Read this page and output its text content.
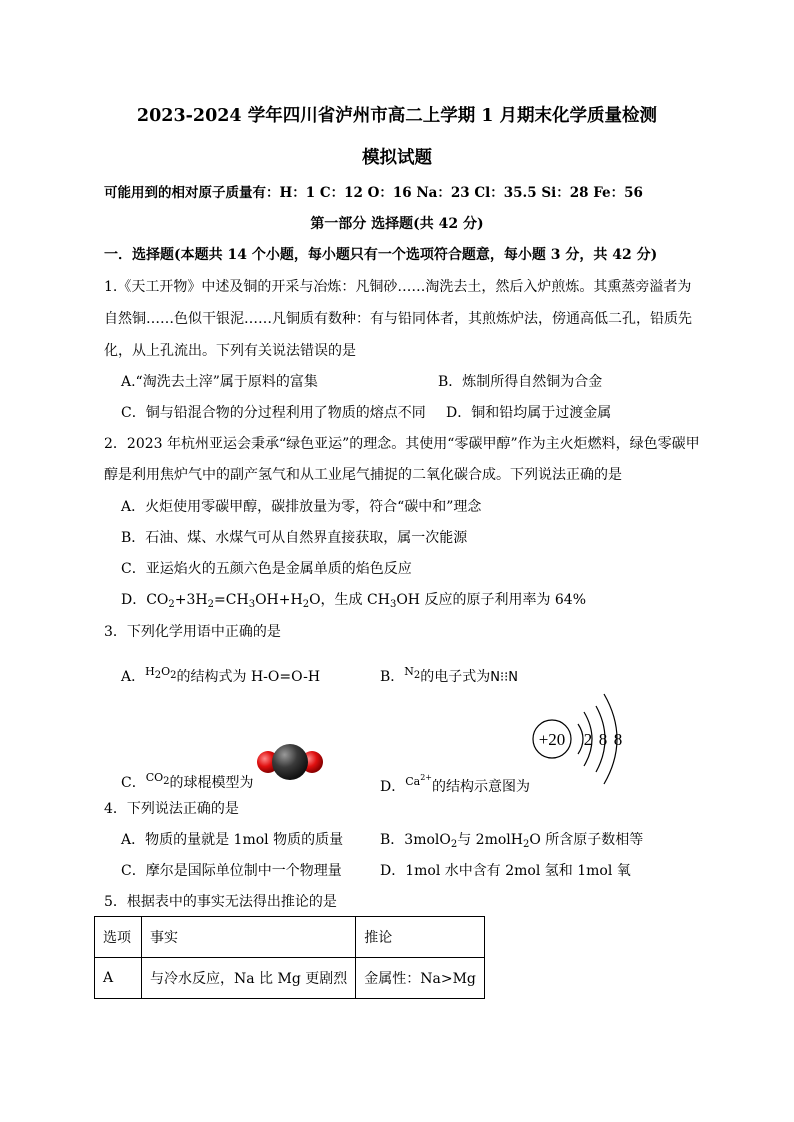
2023-2024 学年四川省泸州市高二上学期 1 月期末化学质量检测
模拟试题
可能用到的相对原子质量有：H：1 C：12 O：16 Na：23 Cl：35.5 Si：28 Fe：56
第一部分 选择题(共 42 分)
一．选择题(本题共 14 个小题，每小题只有一个选项符合题意，每小题 3 分，共 42 分)
1.《天工开物》中述及铜的开采与冶炼：凡铜砂……淘洗去土，然后入炉煎炼。其熏蒸旁溢者为
自然铜……色似干银泥……凡铜质有数种：有与铅同体者，其煎炼炉法，傍通高低二孔，铅质先
化，从上孔流出。下列有关说法错误的是
A.“淘洗去土滓”属于原料的富集	B．炼制所得自然铜为合金
C．铜与铅混合物的分过程利用了物质的熔点不同 D．铜和铅均属于过渡金属
2．2023 年杭州亚运会秉承“绿色亚运”的理念。其使用“零碳甲醇”作为主火炬燃料，绿色零碳甲
醇是利用焦炉气中的副产氢气和从工业尾气捕捉的二氧化碳合成。下列说法正确的是
A．火炬使用零碳甲醇，碳排放量为零，符合“碳中和”理念
B．石油、煤、水煤气可从自然界直接获取，属一次能源
C．亚运焰火的五颜六色是金属单质的焰色反应
D．$CO_2+3H_2=CH_3OH+H_2O$，生成 $CH_3OH$ 反应的原子利用率为 64%
3．下列化学用语中正确的是
A．$^{H2O2}$的结构式为 H-O=O-H	B．$^{N2}$的电子式为N⁝⁝N
C．$^{CO2}$的球棍模型为
+20 2 8 8
D．$^{Ca^{2+}}$的结构示意图为
4．下列说法正确的是
A．物质的量就是 1mol 物质的质量	B．3molO$_2$与 2molH$_2$O 所含原子数相等
C．摩尔是国际单位制中一个物理量	D．1mol 水中含有 2mol 氢和 1mol 氧
5．根据表中的事实无法得出推论的是
选项	事实	推论
A	与冷水反应，Na 比 Mg 更剧烈	金属性：Na>Mg
